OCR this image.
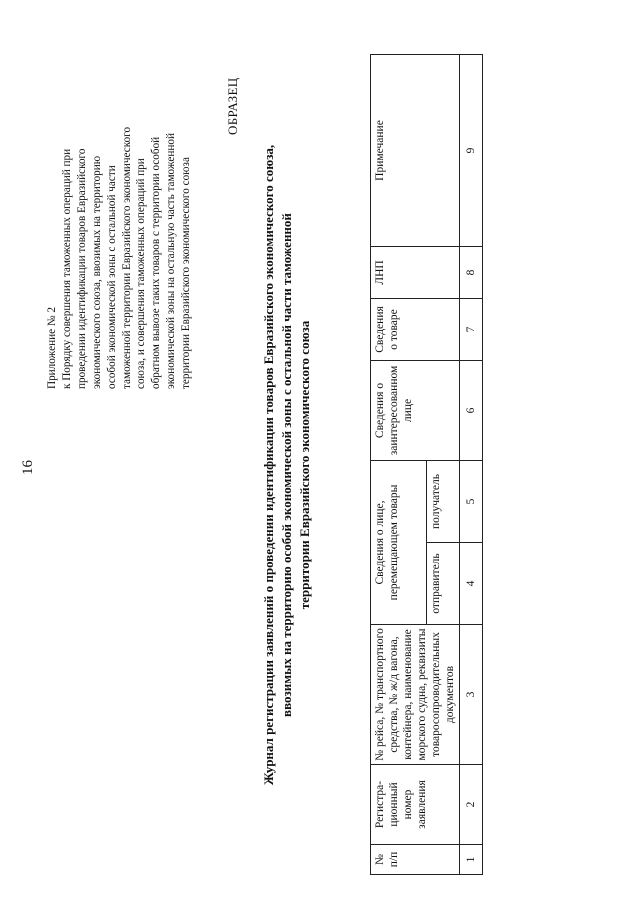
16
Приложение № 2 к Порядку совершения таможенных операций при проведении идентификации товаров Евразийского экономического союза, ввозимых на территорию особой экономической зоны с остальной части таможенной территории Евразийского экономического союза, и совершения таможенных операций при обратном вывозе таких товаров с территории особой экономической зоны на остальную часть таможенной территории Евразийского экономического союза
ОБРАЗЕЦ
Журнал регистрации заявлений о проведении идентификации товаров Евразийского экономического союза, ввозимых на территорию особой экономической зоны с остальной части таможенной территории Евразийского экономического союза
№ п/п	Регистра-ционный номер заявления	№ рейса, № транспортного средства, № ж/д вагона, контейнера, наименование морского судна, реквизиты товаросопроводительных документов	Сведения о лице, перемещающем товары		Сведения о заинтересованном лице	Сведения о товаре	ЛНП	Примечание
			отправитель	получатель				
1	2	3	4	5	6	7	8	9
